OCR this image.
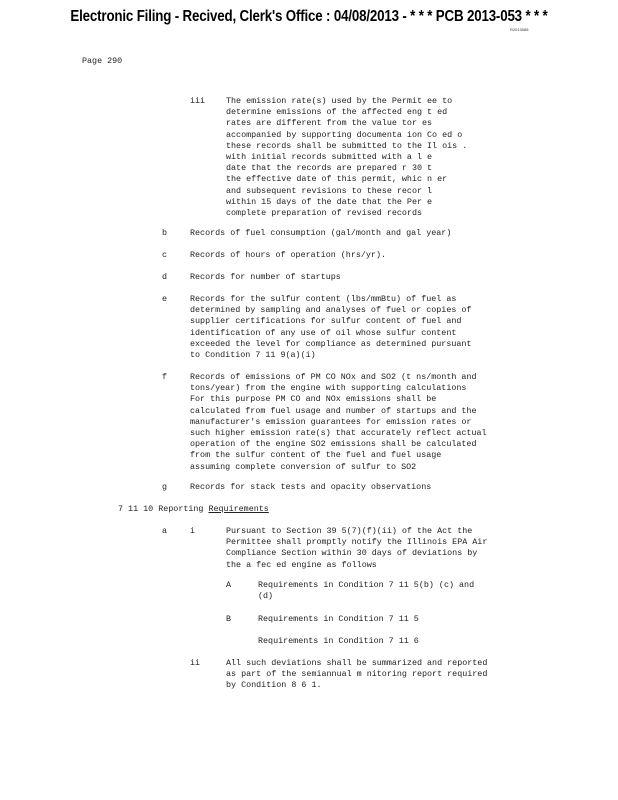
Electronic Filing - Recived, Clerk's Office : 04/08/2013 - * * * PCB 2013-053 * * *
R2013088
Page 290
iii The emission rate(s) used by the Permit ee to
determine emissions of the affected eng t ed
rates are different from the value tor es
accompanied by supporting documenta ion Co ed o
these records shall be submitted to the Il ois .
with initial records submitted with a l e
date that the records are prepared r 30 t
the effective date of this permit, whic n er
and subsequent revisions to these recor l
within 15 days of the date that the Per e
complete preparation of revised records
b	Records of fuel consumption (gal/month and gal year)
c	Records of hours of operation (hrs/yr).
d	Records for number of startups
e	Records for the sulfur content (lbs/mmBtu) of fuel as
determined by sampling and analyses of fuel or copies of
supplier certifications for sulfur content of fuel and
identification of any use of oil whose sulfur content
exceeded the level for compliance as determined pursuant
to Condition 7 11 9(a)(i)
f	Records of emissions of PM CO NOx and SO2 (t ns/month and
tons/year) from the engine with supporting calculations
For this purpose PM CO and NOx emissions shall be
calculated from fuel usage and number of startups and the
manufacturer's emission guarantees for emission rates or
such higher emission rate(s) that accurately reflect actual
operation of the engine SO2 emissions shall be calculated
from the sulfur content of the fuel and fuel usage
assuming complete conversion of sulfur to SO2
g	Records for stack tests and opacity observations
7 11 10 Reporting Requirements
a	i	Pursuant to Section 39 5(7)(f)(ii) of the Act the
Permittee shall promptly notify the Illinois EPA Air
Compliance Section within 30 days of deviations by
the a fec ed engine as follows
A	Requirements in Condition 7 11 5(b) (c) and
(d)
B	Requirements in Condition 7 11 5
Requirements in Condition 7 11 6
ii	All such deviations shall be summarized and reported
as part of the semiannual m nitoring report required
by Condition 8 6 1.
